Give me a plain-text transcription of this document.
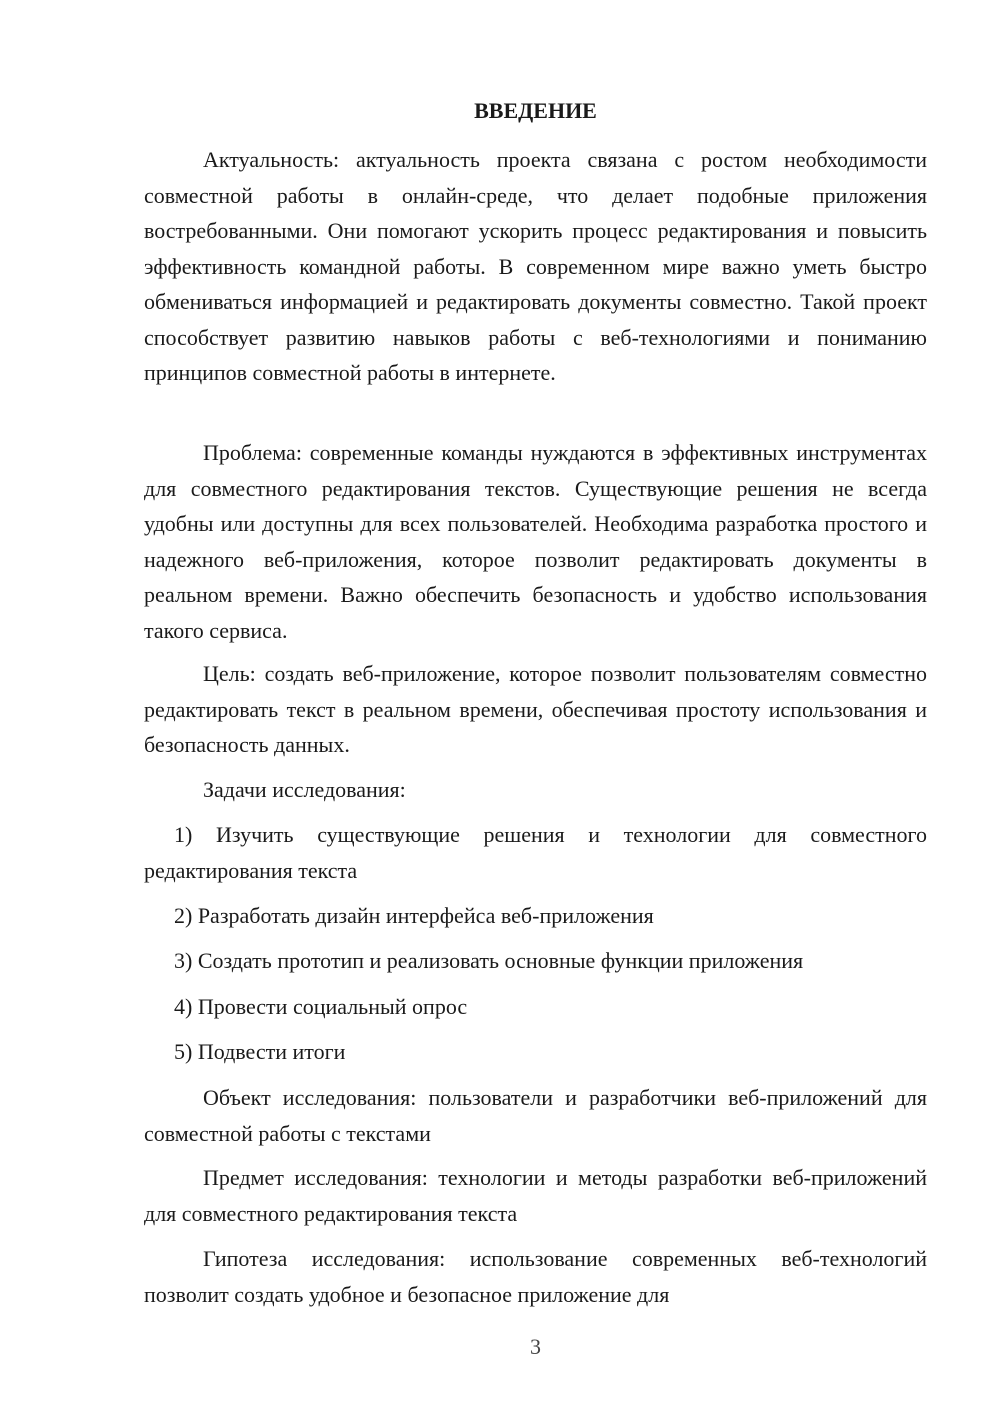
ВВЕДЕНИЕ

Актуальность: актуальность проекта связана с ростом необходимости совместной работы в онлайн-среде, что делает подобные приложения востребованными. Они помогают ускорить процесс редактирования и повысить эффективность командной работы. В современном мире важно уметь быстро обмениваться информацией и редактировать документы совместно. Такой проект способствует развитию навыков работы с веб-технологиями и пониманию принципов совместной работы в интернете.

Проблема: современные команды нуждаются в эффективных инструментах для совместного редактирования текстов. Существующие решения не всегда удобны или доступны для всех пользователей. Необходима разработка простого и надежного веб-приложения, которое позволит редактировать документы в реальном времени. Важно обеспечить безопасность и удобство использования такого сервиса.

Цель: создать веб-приложение, которое позволит пользователям совместно редактировать текст в реальном времени, обеспечивая простоту использования и безопасность данных.

Задачи исследования:

1) Изучить существующие решения и технологии для совместного редактирования текста

2) Разработать дизайн интерфейса веб-приложения

3) Создать прототип и реализовать основные функции приложения

4) Провести социальный опрос

5) Подвести итоги

Объект исследования: пользователи и разработчики веб-приложений для совместной работы с текстами

Предмет исследования: технологии и методы разработки веб-приложений для совместного редактирования текста

Гипотеза исследования: использование современных веб-технологий позволит создать удобное и безопасное приложение для

3
